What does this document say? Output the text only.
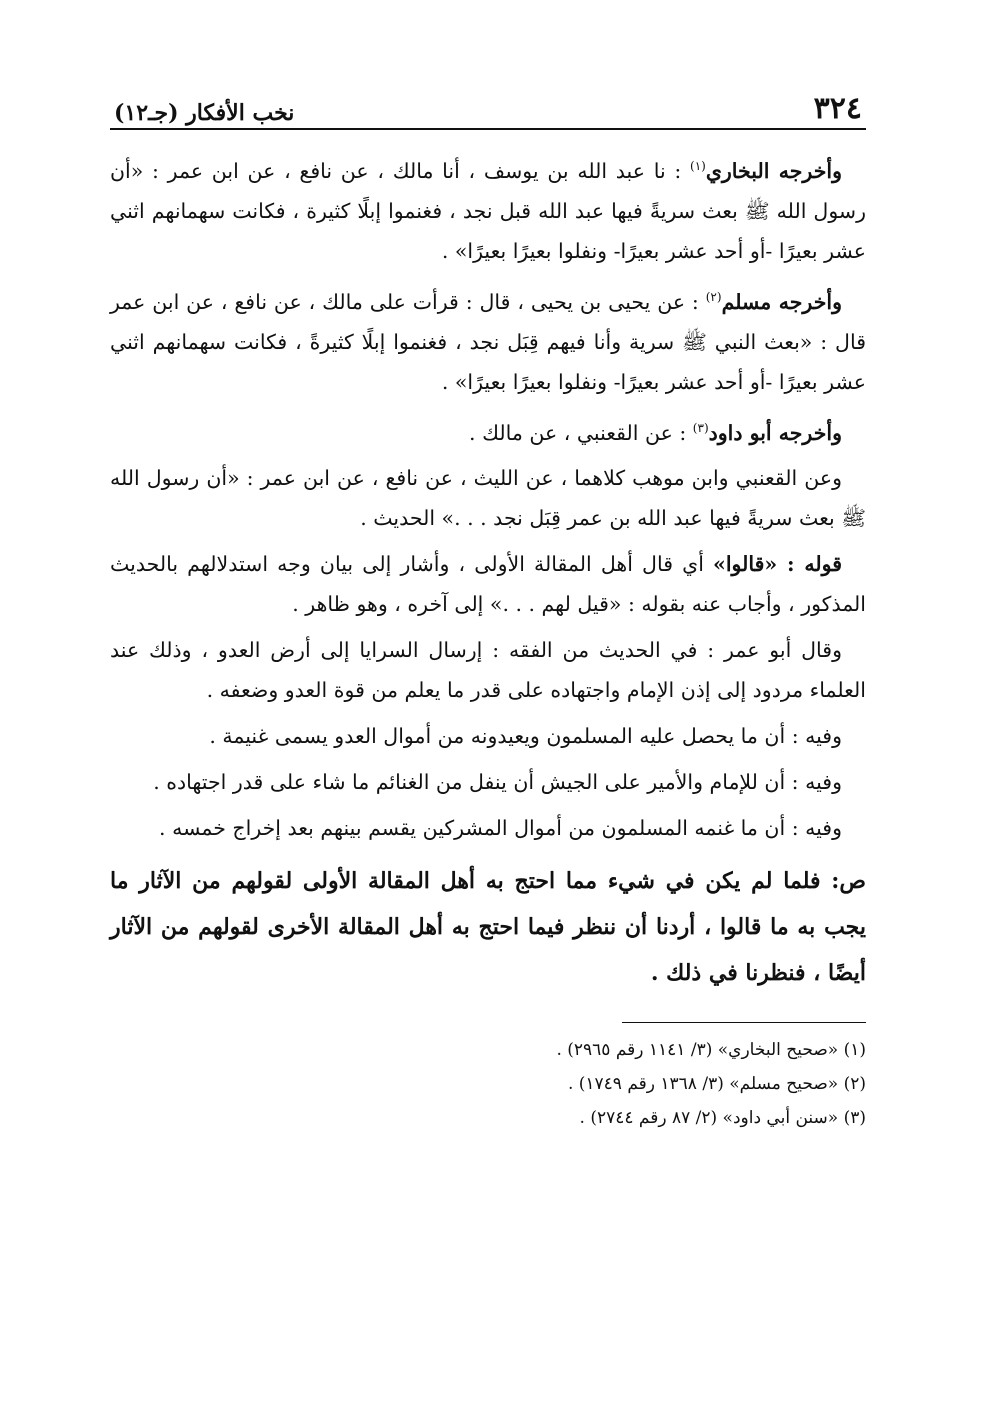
٣٢٤
نخب الأفكار (جـ١٢)

وأخرجه البخاري$^{(١)}$ : نا عبد الله بن يوسف ، أنا مالك ، عن نافع ، عن ابن عمر : «أن رسول الله ﷺ بعث سريةً فيها عبد الله قبل نجد ، فغنموا إبلًا كثيرة ، فكانت سهمانهم اثني عشر بعيرًا -أو أحد عشر بعيرًا- ونفلوا بعيرًا بعيرًا» .

وأخرجه مسلم$^{(٢)}$ : عن يحيى بن يحيى ، قال : قرأت على مالك ، عن نافع ، عن ابن عمر قال : «بعث النبي ﷺ سرية وأنا فيهم قِبَل نجد ، فغنموا إبلًا كثيرةً ، فكانت سهمانهم اثني عشر بعيرًا -أو أحد عشر بعيرًا- ونفلوا بعيرًا بعيرًا» .

وأخرجه أبو داود$^{(٣)}$ : عن القعنبي ، عن مالك .

وعن القعنبي وابن موهب كلاهما ، عن الليث ، عن نافع ، عن ابن عمر : «أن رسول الله ﷺ بعث سريةً فيها عبد الله بن عمر قِبَل نجد . . .» الحديث .

قوله : «قالوا» أي قال أهل المقالة الأولى ، وأشار إلى بيان وجه استدلالهم بالحديث المذكور ، وأجاب عنه بقوله : «قيل لهم . . .» إلى آخره ، وهو ظاهر .

وقال أبو عمر : في الحديث من الفقه : إرسال السرايا إلى أرض العدو ، وذلك عند العلماء مردود إلى إذن الإمام واجتهاده على قدر ما يعلم من قوة العدو وضعفه .

وفيه : أن ما يحصل عليه المسلمون ويعيدونه من أموال العدو يسمى غنيمة .

وفيه : أن للإمام والأمير على الجيش أن ينفل من الغنائم ما شاء على قدر اجتهاده .

وفيه : أن ما غنمه المسلمون من أموال المشركين يقسم بينهم بعد إخراج خمسه .

ص: فلما لم يكن في شيء مما احتج به أهل المقالة الأولى لقولهم من الآثار ما يجب به ما قالوا ، أردنا أن ننظر فيما احتج به أهل المقالة الأخرى لقولهم من الآثار أيضًا ، فنظرنا في ذلك .

(١) «صحيح البخاري» (٣/ ١١٤١ رقم ٢٩٦٥) .

(٢) «صحيح مسلم» (٣/ ١٣٦٨ رقم ١٧٤٩) .

(٣) «سنن أبي داود» (٢/ ٨٧ رقم ٢٧٤٤) .
